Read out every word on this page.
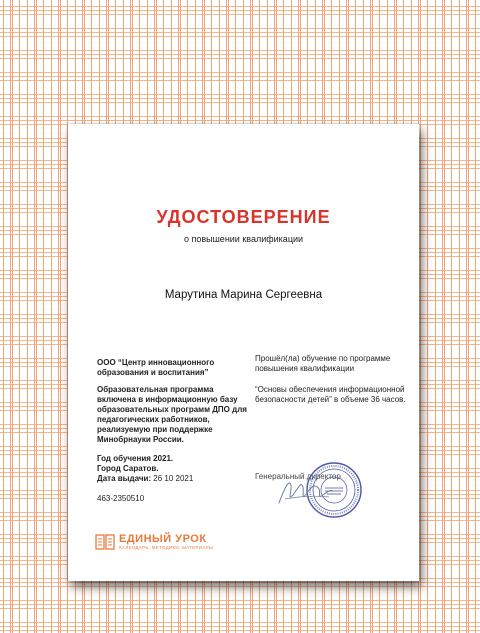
УДОСТОВЕРЕНИЕ
о повышении квалификации
Марутина Марина Сергеевна
ООО “Центр инновационного образования и воспитания”
Образовательная программа включена в информационную базу образовательных программ ДПО для педагогических работников, реализуемую при поддержке Минобрнауки России.
Год обучения 2021.
Город Саратов.
Дата выдачи: 26 10 2021
463-2350510
Прошёл(ла) обучение по программе повышения квалификации
“Основы обеспечения информационной безопасности детей” в объеме 36 часов.
Генеральный директор
ЕДИНЫЙ УРОК
КАЛЕНДАРЬ, МЕТОДИКИ, МАТЕРИАЛЫ
